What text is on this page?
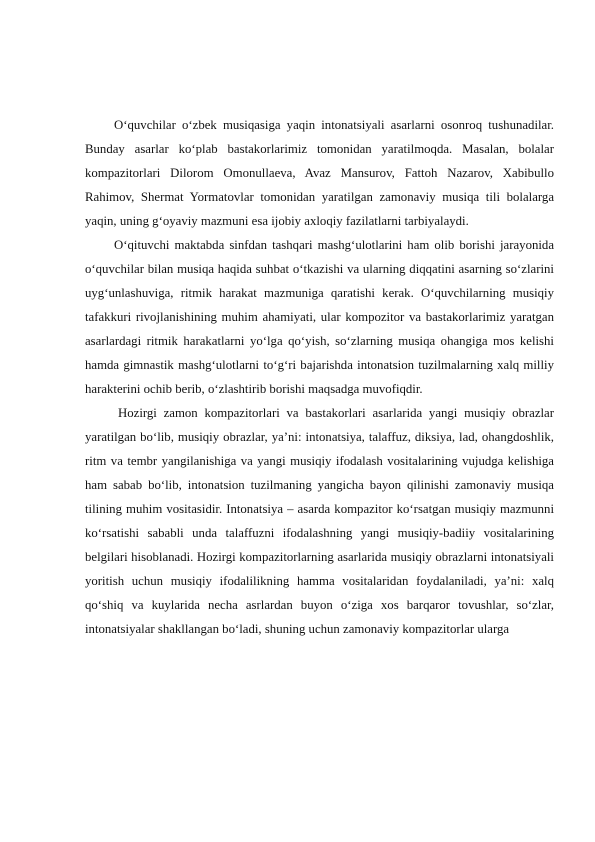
O‘quvchilar o‘zbek musiqasiga yaqin intonatsiyali asarlarni osonroq tushunadilar. Bunday asarlar ko‘plab bastakorlarimiz tomonidan yaratilmoqda. Masalan, bolalar kompazitorlari Dilorom Omonullaeva, Avaz Mansurov, Fattoh Nazarov, Xabibullo Rahimov, Shermat Yormatovlar tomonidan yaratilgan zamonaviy musiqa tili bolalarga yaqin, uning g‘oyaviy mazmuni esa ijobiy axloqiy fazilatlarni tarbiyalaydi.

O‘qituvchi maktabda sinfdan tashqari mashg‘ulotlarini ham olib borishi jarayonida o‘quvchilar bilan musiqa haqida suhbat o‘tkazishi va ularning diqqatini asarning so‘zlarini uyg‘unlashuviga, ritmik harakat mazmuniga qaratishi kerak. O‘quvchilarning musiqiy tafakkuri rivojlanishining muhim ahamiyati, ular kompozitor va bastakorlarimiz yaratgan asarlardagi ritmik harakatlarni yo‘lga qo‘yish, so‘zlarning musiqa ohangiga mos kelishi hamda gimnastik mashg‘ulotlarni to‘g‘ri bajarishda intonatsion tuzilmalarning xalq milliy harakterini ochib berib, o‘zlashtirib borishi maqsadga muvofiqdir.

Hozirgi zamon kompazitorlari va bastakorlari asarlarida yangi musiqiy obrazlar yaratilgan bo‘lib, musiqiy obrazlar, ya’ni: intonatsiya, talaffuz, diksiya, lad, ohangdoshlik, ritm va tembr yangilanishiga va yangi musiqiy ifodalash vositalarining vujudga kelishiga ham sabab bo‘lib, intonatsion tuzilmaning yangicha bayon qilinishi zamonaviy musiqa tilining muhim vositasidir. Intonatsiya – asarda kompazitor ko‘rsatgan musiqiy mazmunni ko‘rsatishi sababli unda talaffuzni ifodalashning yangi musiqiy-badiiy vositalarining belgilari hisoblanadi. Hozirgi kompazitorlarning asarlarida musiqiy obrazlarni intonatsiyali yoritish uchun musiqiy ifodalilikning hamma vositalaridan foydalaniladi, ya’ni: xalq qo‘shiq va kuylarida necha asrlardan buyon o‘ziga xos barqaror tovushlar, so‘zlar, intonatsiyalar shakllangan bo‘ladi, shuning uchun zamonaviy kompazitorlar ularga
